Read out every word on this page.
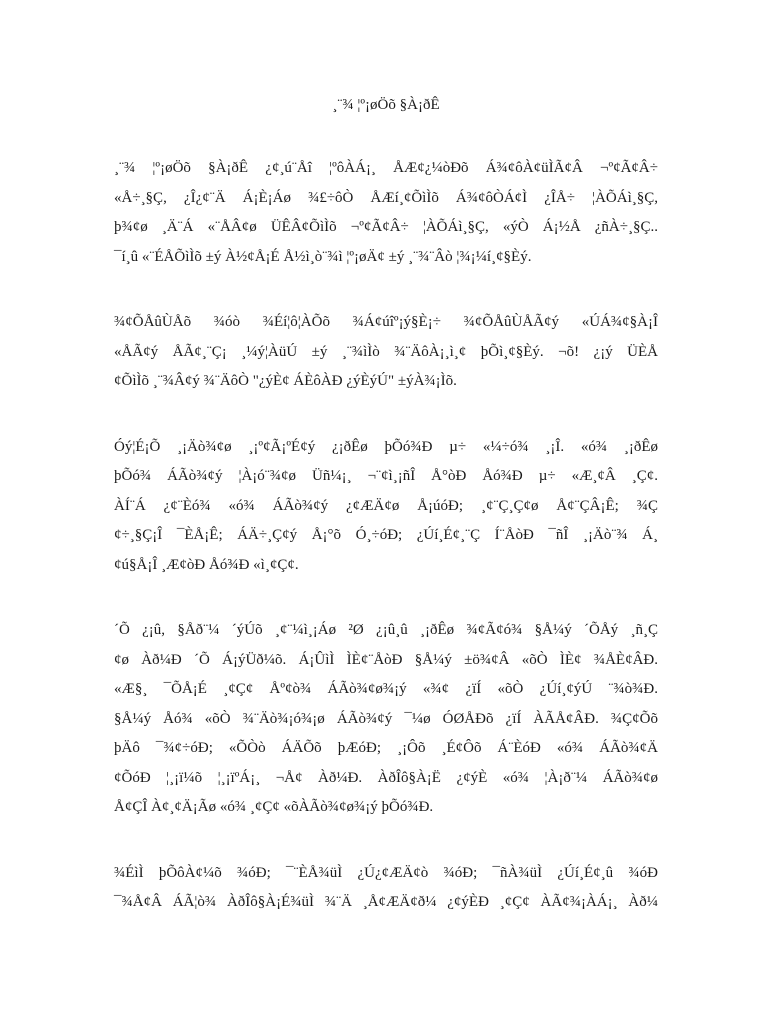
¸¨¾ ¦º¡øÖõ §À¡ðÊ
¸¨¾ ¦º¡øÖõ §À¡ðÊ ¿¢¸ú¨Åî ¦ºôÀÁ¡¸ ÅÆ¢¿¼òÐõ Á¾¢ôÀ¢üÌÃ¢Â ¬º¢Ã¢Â÷
«Å÷¸§Ç, ¿Î¿¢¨Ä Á¡È¡Áø ¾£÷ôÒ ÅÆí¸¢ÕìÌõ Á¾¢ôÒÁ¢Ì ¿ÎÅ÷ ¦ÀÕÁì¸§Ç,
þ¾¢ø ¸Ä¨Á «¨ÅÂ¢ø ÜÊÂ¢ÕìÌõ ¬º¢Ã¢Â÷ ¦ÀÕÁì¸§Ç, «ýÒ Á¡½Å ¿ñÀ÷¸§Ç..
¯í¸û «¨ÉÅÕìÌõ ±ý À½¢Å¡É Å½ì¸ò¨¾ì ¦º¡øÄ¢ ±ý ¸¨¾¨Âò ¦¾¡¼í¸¢§Èý.
¾¢ÕÅûÙÅõ ¾óò ¾Éí¦ô¦ÀÕõ ¾Á¢úîº¡ý§È¡÷ ¾¢ÕÅûÙÅÃ¢ý «ÚÁ¾¢§À¡Î
«ÅÃ¢ý ÅÃ¢¸¨Ç¡ ¸¼ý¦ÀüÚ ±ý ¸¨¾ìÌò ¾¨ÄôÀ¡¸ì¸¢ þÕì¸¢§Èý. ¬õ! ¿¡ý ÜÈÅ
¢ÕìÌõ ¸¨¾Â¢ý ¾¨ÄôÒ "¿ýÈ¢ ÁÈôÀÐ ¿ýÈýÚ" ±ýÀ¾¡Ìõ.
Óý¦É¡Õ ¸¡Äò¾¢ø ¸¡º¢Ã¡ºÉ¢ý ¿¡ðÊø þÕó¾Ð µ÷ «¼÷ó¾ ¸¡Î. «ó¾ ¸¡ðÊø
þÕó¾ ÁÃò¾¢ý ¦À¡ó¨¾¢ø Üñ¼¡¸ ¬¨¢ì¸¡ñÎ Å°òÐ Åó¾Ð µ÷ «Æ¸¢Â ¸Ç¢.
ÀÍ¨Á ¿¢¨Èó¾ «ó¾ ÁÃò¾¢ý ¿¢ÆÄ¢ø Å¡úóÐ; ¸¢¨Ç¸Ç¢ø Å¢¨ÇÂ¡Ê; ¾Ç
¢÷¸§Ç¡Î ¯ÈÅ¡Ê; ÁÄ÷¸Ç¢ý Å¡°õ Ó¸÷óÐ; ¿Úí¸É¢¸¨Ç Í¨ÅòÐ ¯ñÎ ¸¡Äò¨¾ Á¸
¢ú§Å¡Î ¸Æ¢òÐ Åó¾Ð «ì¸¢Ç¢.
´Õ ¿¡û, §Åð¨¼ ´ýÚõ ¸¢¨¼ì¸¡Áø ²Ø ¿¡û¸û ¸¡ðÊø ¾¢Ã¢ó¾ §Å¼ý ´ÕÅý ¸ñ¸Ç
¢ø Àð¼Ð ´Õ Á¡ýÜð¼õ. Á¡ÛìÌ ÌÈ¢¨ÅòÐ §Å¼ý ±ö¾¢Â «õÒ ÌÈ¢ ¾ÅÈ¢ÂÐ.
«Æ§¸ ¯ÕÅ¡É ¸¢Ç¢ Åº¢ò¾ ÁÃò¾¢ø¾¡ý «¾¢ ¿ïÍ «õÒ ¿Úí¸¢ýÚ ¨¾ò¾Ð.
§Å¼ý Åó¾ «õÒ ¾¨Äò¾¡ó¾¡ø ÁÃò¾¢ý ¯¼ø ÓØÅÐõ ¿ïÍ ÀÃÅ¢ÂÐ. ¾Ç¢Õõ
þÄô ¯¾¢÷óÐ; «ÕÒò ÁÄÕõ þÆóÐ; ¸¡Ôõ ¸É¢Ôõ Á¨ÈóÐ «ó¾ ÁÃò¾¢Ä
¢ÕóÐ ¦¸¡ï¼õ ¦¸¡ïºÁ¡¸ ¬Å¢ Àð¼Ð. ÀðÎô§À¡Ë ¿¢ýÈ «ó¾ ¦À¡ð¨¼ ÁÃò¾¢ø
Å¢ÇÎ À¢¸¢Ä¡Ãø «ó¾ ¸¢Ç¢ «õÀÃò¾¢ø¾¡ý þÕó¾Ð.
¾ÉìÌ þÕôÀ¢¼õ ¾óÐ; ¯¨ÈÅ¾üÌ ¿Ú¿¢ÆÄ¢ò ¾óÐ; ¯ñÀ¾üÌ ¿Úí¸É¢¸û ¾óÐ
¯¾Å¢Â ÁÃ¦ò¾ ÀðÎô§À¡É¾üÌ ¾¨Ä ¸Å¢ÆÄ¢ð¼ ¿¢ýÈÐ ¸¢Ç¢ ÀÃ¢¾¡ÀÁ¡¸ Àð¼
